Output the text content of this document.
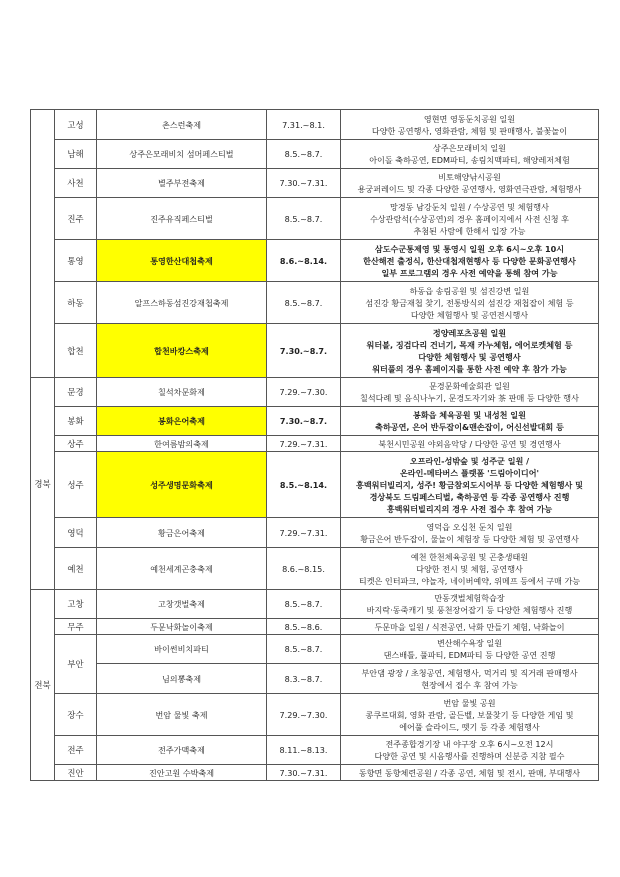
	고성	촌스런축제	7.31.~8.1.	영현면 영동둔치공원 일원
다양한 공연행사, 영화관람, 체험 및 판매행사, 불꽃놀이

	남해	상주은모래비치 섬머페스티벌	8.5.~8.7.	상주은모래비치 일원
아이돌 축하공연, EDM파티, 송림치맥파티, 해양레저체험

	사천	별주부전축제	7.30.~7.31.	비토해양낚시공원
용궁퍼레이드 및 각종 다양한 공연행사, 영화연극관람, 체험행사

	진주	진주유직페스티벌	8.5.~8.7.	망경동 남강둔치 일원 / 수상공연 및 체험행사
수상관람석(수상공연)의 경우 홈페이지에서 사전 신청 후
추첨된 사람에 한해서 입장 가능

	통영	통영한산대첩축제	8.6.~8.14.	삼도수군통제영 및 통영시 일원 오후 6시~오후 10시
한산해전 출정식, 한산대첩재현행사 등 다양한 문화공연행사
일부 프로그램의 경우 사전 예약을 통해 참여 가능

	하동	알프스하동섬진강재첩축제	8.5.~8.7.	하동읍 송림공원 및 섬진강변 일원
섬진강 황금재첩 찾기, 전통방식의 섬진강 재첩잡이 체험 등
다양한 체험행사 및 공연전시행사

	합천	합천바캉스축제	7.30.~8.7.	정양레포츠공원 일원
워터볼, 징검다리 건너기, 목재 카누체험, 에어로켓체험 등
다양한 체험행사 및 공연행사
워터풀의 경우 홈페이지를 통한 사전 예약 후 참가 가능

경북	문경	칠석차문화제	7.29.~7.30.	문경문화예술회관 일원
칠석다례 및 음식나누기, 문경도자기와 茶 판매 등 다양한 행사

	봉화	봉화은어축제	7.30.~8.7.	봉화읍 체육공원 및 내성천 일원
축하공연, 은어 반두잡이&맨손잡이, 어신선발대회 등

	상주	한여름밤의축제	7.29.~7.31.	북천시민공원 야외음악당 / 다양한 공연 및 경연행사

	성주	성주생명문화축제	8.5.~8.14.	오프라인-성밖숲 및 성주군 일원 /
온라인-메타버스 플랫폼 '드림아이디어'
흥백워터빌리지, 성주! 황금참외도시어부 등 다양한 체험행사 및
경상북도 드림페스티벌, 축하공연 등 각종 공연행사 진행
흥백워터빌리지의 경우 사전 접수 후 참여 가능

	영덕	황금은어축제	7.29.~7.31.	영덕읍 오십천 둔치 일원
황금은어 반두잡이, 물놀이 체험장 등 다양한 체험 및 공연행사

	예천	예천세계곤충축제	8.6.~8.15.	예천 한천체육공원 및 곤충생태원
다양한 전시 및 체험, 공연행사
티켓은 인터파크, 야놀자, 네이버예약, 위메프 등에서 구매 가능

전북	고창	고창갯벌축제	8.5.~8.7.	만동갯벌체험학습장
바지락·동죽캐기 및 풍천장어잡기 등 다양한 체험행사 진행

	무주	두문낙화놀이축제	8.5.~8.6.	두문마을 일원 / 식전공연, 낙화 만들기 체험, 낙화놀이

	부안	바이썬비치파티	8.5.~8.7.	변산해수욕장 일원
댄스배틀, 풀파티, EDM파티 등 다양한 공연 진행

		님의뽕축제	8.3.~8.7.	부안댐 광장 / 초청공연, 체험행사, 먹거리 및 직거래 판매행사
현장에서 접수 후 참여 가능

	장수	번암 물빛 축제	7.29.~7.30.	번암 물빛 공원
콩쿠르대회, 영화 관람, 골든벨, 보물찾기 등 다양한 게임 및
에어풀 슬라이드, 뗏기 등 각종 체험행사

	전주	전주가맥축제	8.11.~8.13.	전주종합경기장 내 야구장 오후 6시~오전 12시
다양한 공연 및 시음행사를 진행하며 신분증 지참 필수

	진안	진안고원 수박축제	7.30.~7.31.	동향면 동향체련공원 / 각종 공연, 체험 및 전시, 판매, 부대행사
